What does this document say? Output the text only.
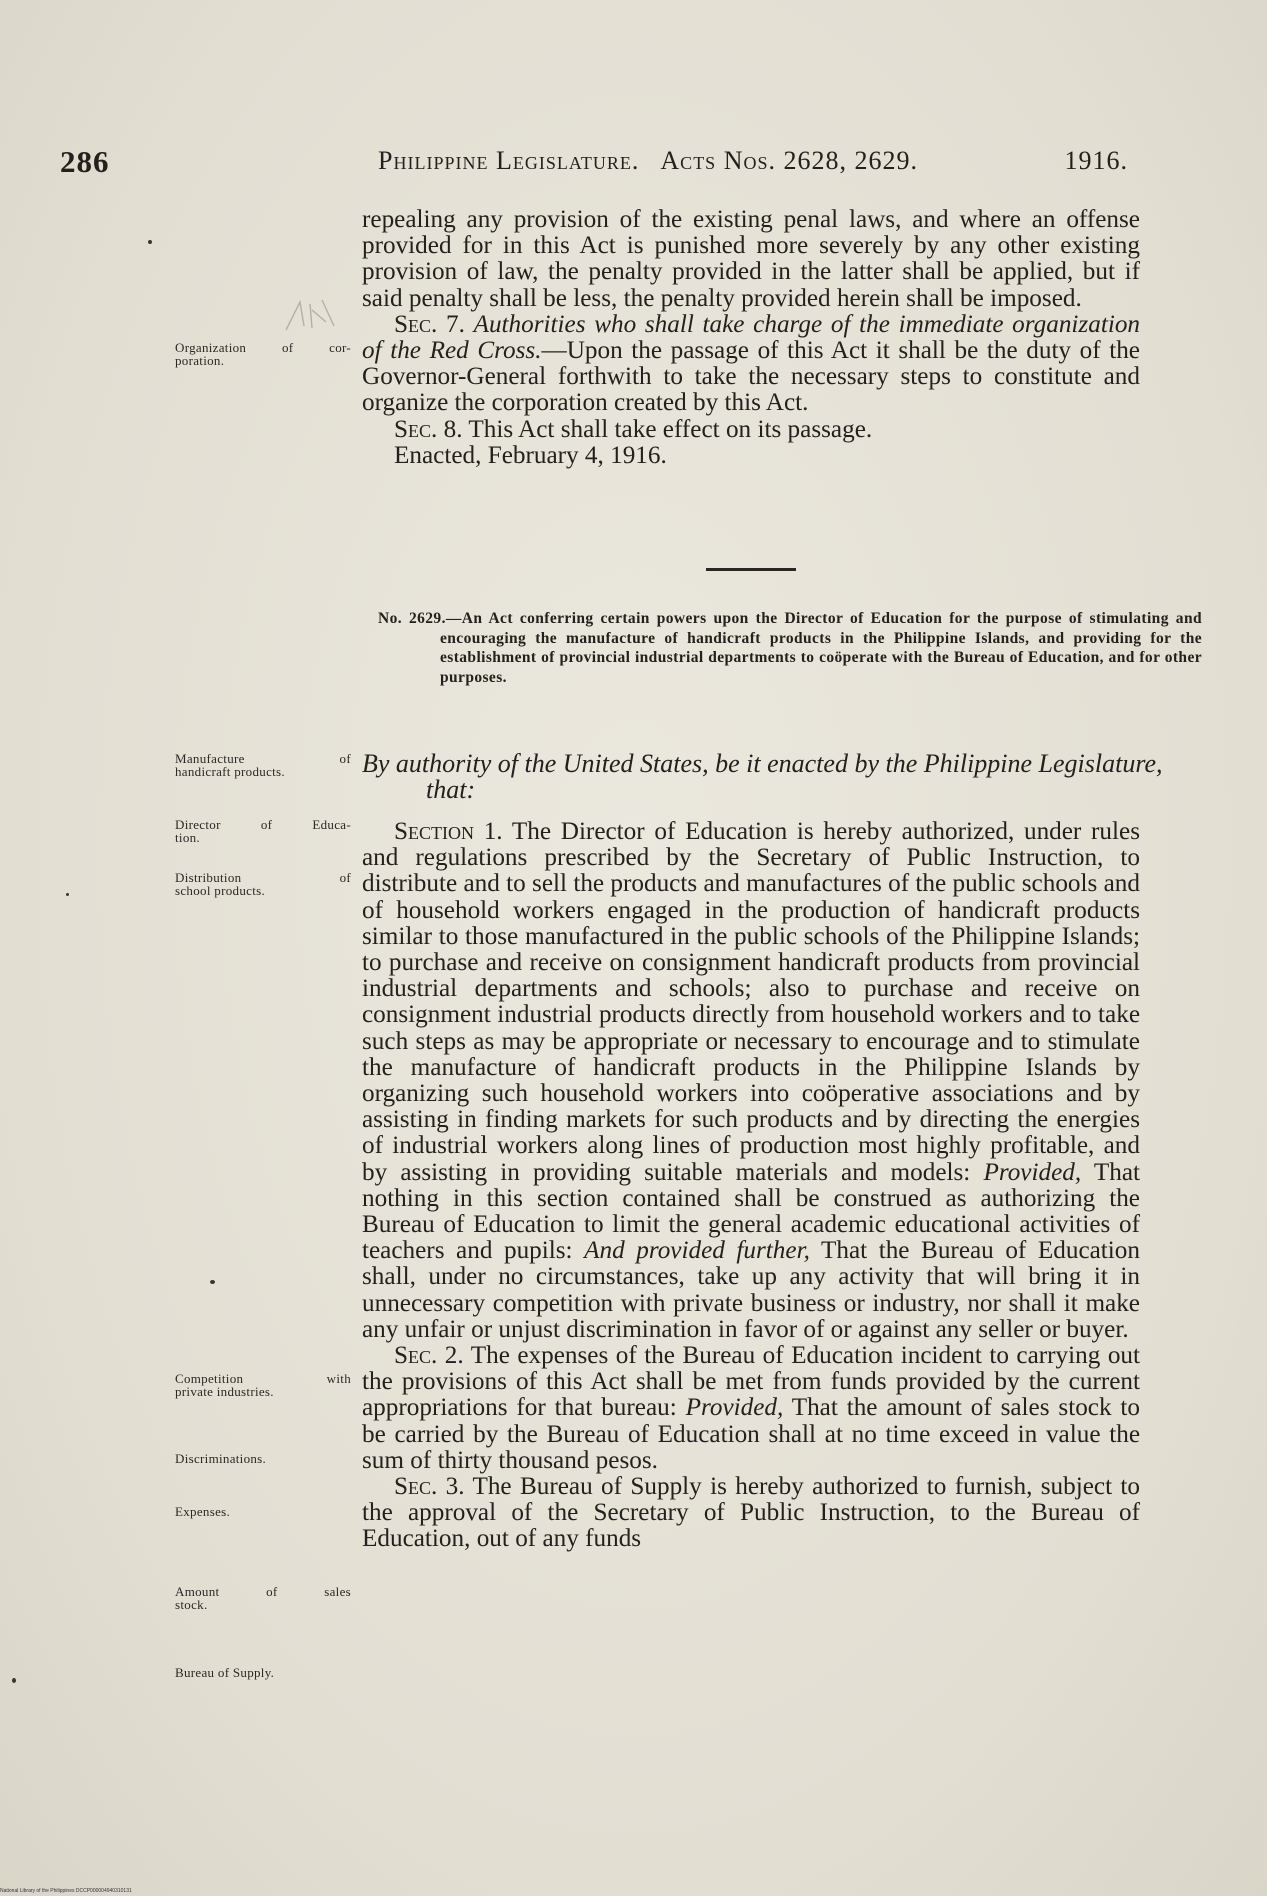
286	Philippine Legislature. Acts Nos. 2628, 2629.	1916.

repealing any provision of the existing penal laws, and where an offense provided for in this Act is punished more severely by any other existing provision of law, the penalty provided in the latter shall be applied, but if said penalty shall be less, the penalty provided herein shall be imposed.

Sec. 7. Authorities who shall take charge of the immediate organization of the Red Cross.—Upon the passage of this Act it shall be the duty of the Governor-General forthwith to take the necessary steps to constitute and organize the corporation created by this Act.

Sec. 8. This Act shall take effect on its passage.

Enacted, February 4, 1916.

No. 2629.—An Act conferring certain powers upon the Director of Education for the purpose of stimulating and encouraging the manufacture of handicraft products in the Philippine Islands, and providing for the establishment of provincial industrial departments to coöperate with the Bureau of Education, and for other purposes.
By authority of the United States, be it enacted by the Philippine Legislature, that:

Section 1. The Director of Education is hereby authorized, under rules and regulations prescribed by the Secretary of Public Instruction, to distribute and to sell the products and manufactures of the public schools and of household workers engaged in the production of handicraft products similar to those manufactured in the public schools of the Philippine Islands; to purchase and receive on consignment handicraft products from provincial industrial departments and schools; also to purchase and receive on consignment industrial products directly from household workers and to take such steps as may be appropriate or necessary to encourage and to stimulate the manufacture of handicraft products in the Philippine Islands by organizing such household workers into coöperative associations and by assisting in finding markets for such products and by directing the energies of industrial workers along lines of production most highly profitable, and by assisting in providing suitable materials and models: Provided, That nothing in this section contained shall be construed as authorizing the Bureau of Education to limit the general academic educational activities of teachers and pupils: And provided further, That the Bureau of Education shall, under no circumstances, take up any activity that will bring it in unnecessary competition with private business or industry, nor shall it make any unfair or unjust discrimination in favor of or against any seller or buyer.

Sec. 2. The expenses of the Bureau of Education incident to carrying out the provisions of this Act shall be met from funds provided by the current appropriations for that bureau: Provided, That the amount of sales stock to be carried by the Bureau of Education shall at no time exceed in value the sum of thirty thousand pesos.

Sec. 3. The Bureau of Supply is hereby authorized to furnish, subject to the approval of the Secretary of Public Instruction, to the Bureau of Education, out of any funds

Organization of cor-
poration.
Manufacture of
handicraft products.
Director of Educa-
tion.
Distribution of
school products.
Competition with
private industries.
Discriminations.
Expenses.
Amount of sales
stock.
Bureau of Supply.
National Library of the Philippines DCCP000004940310131
